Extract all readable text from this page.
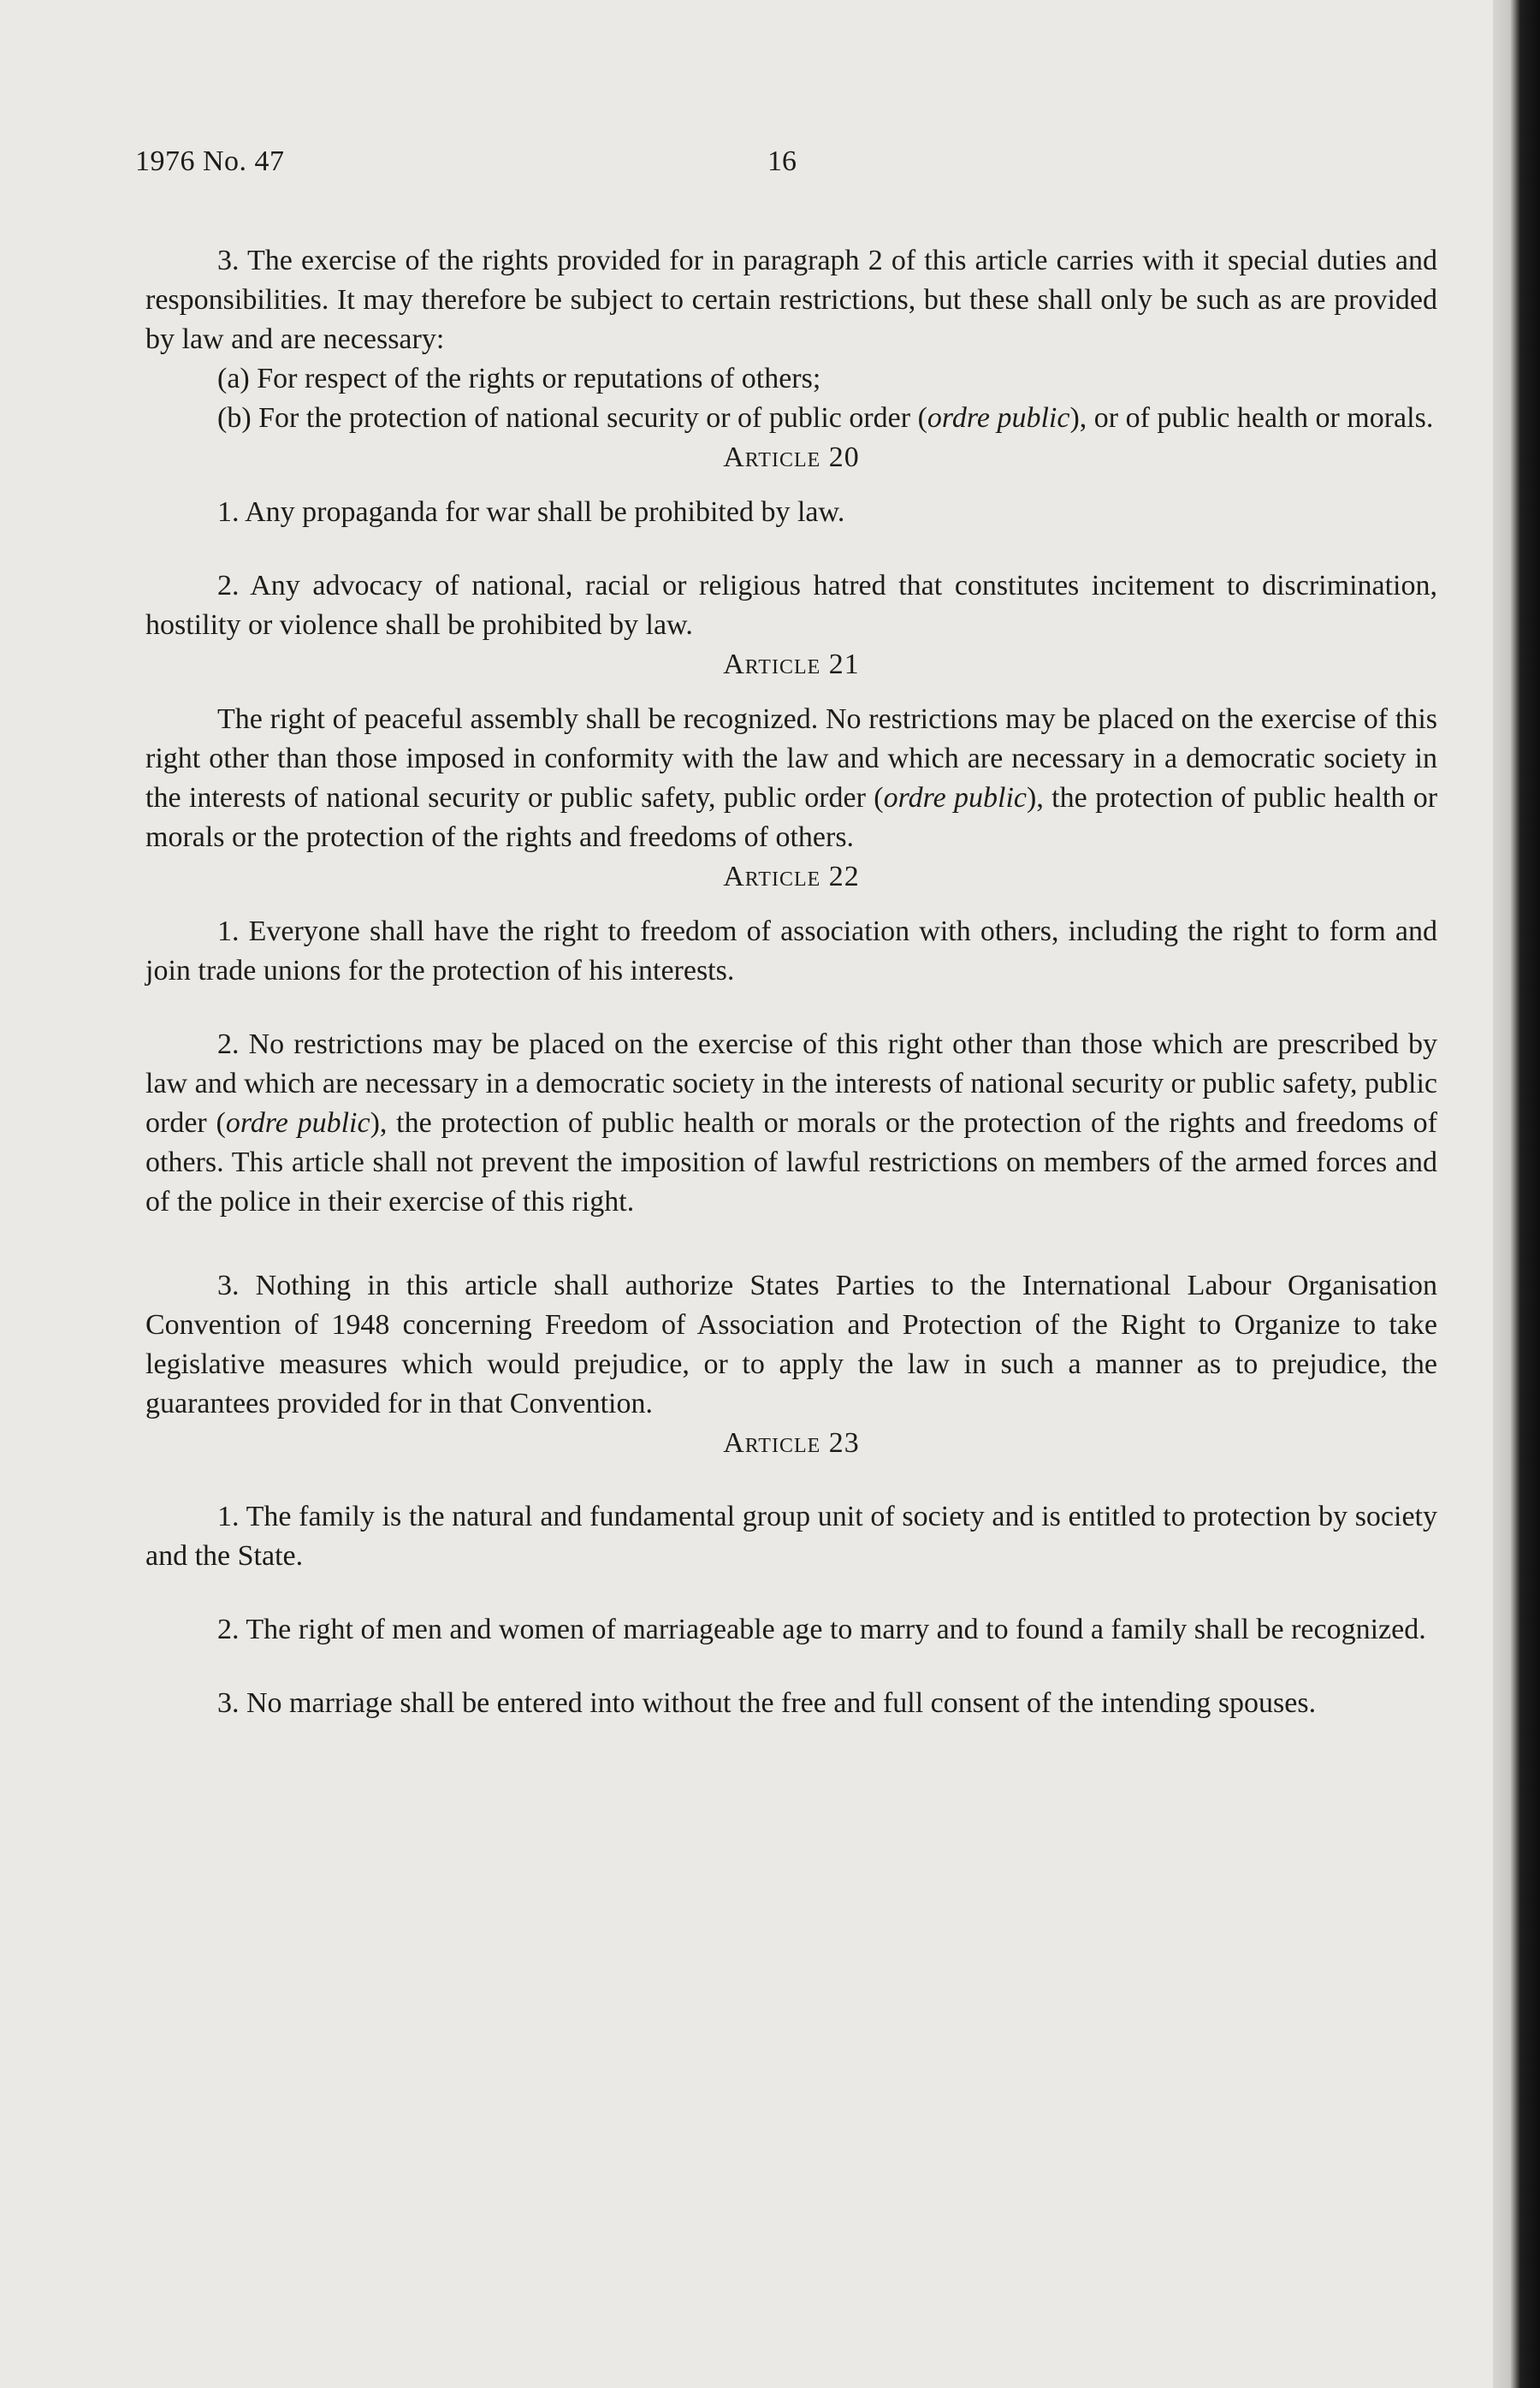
1976 No. 47	16

3. The exercise of the rights provided for in paragraph 2 of this article carries with it special duties and responsibilities. It may therefore be subject to certain restrictions, but these shall only be such as are provided by law and are necessary:

(a) For respect of the rights or reputations of others;

(b) For the protection of national security or of public order (ordre public), or of public health or morals.

Article 20

1. Any propaganda for war shall be prohibited by law.

2. Any advocacy of national, racial or religious hatred that constitutes incitement to discrimination, hostility or violence shall be prohibited by law.

Article 21

The right of peaceful assembly shall be recognized. No restrictions may be placed on the exercise of this right other than those imposed in conformity with the law and which are necessary in a democratic society in the interests of national security or public safety, public order (ordre public), the protection of public health or morals or the protection of the rights and freedoms of others.

Article 22

1. Everyone shall have the right to freedom of association with others, including the right to form and join trade unions for the protection of his interests.

2. No restrictions may be placed on the exercise of this right other than those which are prescribed by law and which are necessary in a democratic society in the interests of national security or public safety, public order (ordre public), the protection of public health or morals or the protection of the rights and freedoms of others. This article shall not prevent the imposition of lawful restrictions on members of the armed forces and of the police in their exercise of this right.

3. Nothing in this article shall authorize States Parties to the International Labour Organisation Convention of 1948 concerning Freedom of Association and Protection of the Right to Organize to take legislative measures which would prejudice, or to apply the law in such a manner as to prejudice, the guarantees provided for in that Convention.

Article 23

1. The family is the natural and fundamental group unit of society and is entitled to protection by society and the State.

2. The right of men and women of marriageable age to marry and to found a family shall be recognized.

3. No marriage shall be entered into without the free and full consent of the intending spouses.
